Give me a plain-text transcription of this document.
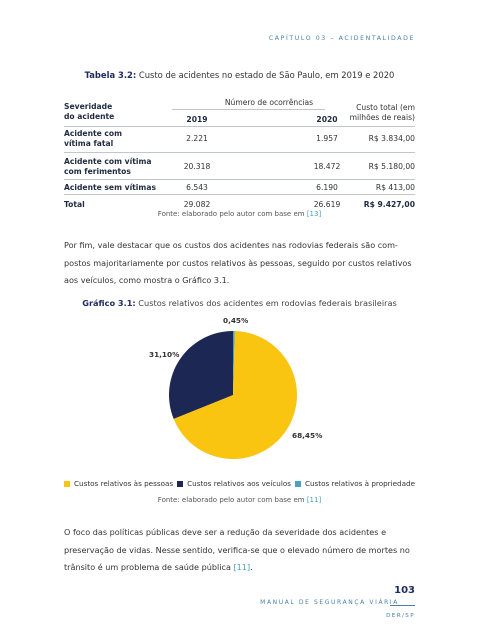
CAPÍTULO 03 – ACIDENTALIDADE
Tabela 3.2: Custo de acidentes no estado de São Paulo, em 2019 e 2020
Severidade
do acidente
Número de ocorrências
2019	2020
Custo total (em
milhões de reais)
Acidente com
vítima fatal
2.221	1.957	R$ 3.834,00
Acidente com vítima
com ferimentos
20.318	18.472	R$ 5.180,00
Acidente sem vítimas	6.543	6.190	R$ 413,00
Total	29.082	26.619	R$ 9.427,00
Fonte: elaborado pelo autor com base em [13]
Por fim, vale destacar que os custos dos acidentes nas rodovias federais são com-
postos majoritariamente por custos relativos às pessoas, seguido por custos relativos
aos veículos, como mostra o Gráfico 3.1.
Gráfico 3.1: Custos relativos dos acidentes em rodovias federais brasileiras
0,45%
31,10%
68,45%
Custos relativos às pessoas Custos relativos aos veículos Custos relativos à propriedade
Fonte: elaborado pelo autor com base em [11]
O foco das políticas públicas deve ser a redução da severidade dos acidentes e
preservação de vidas. Nesse sentido, verifica-se que o elevado número de mortes no
trânsito é um problema de saúde pública [11].
103
MANUAL DE SEGURANÇA VIÁRIA
DER/SP
